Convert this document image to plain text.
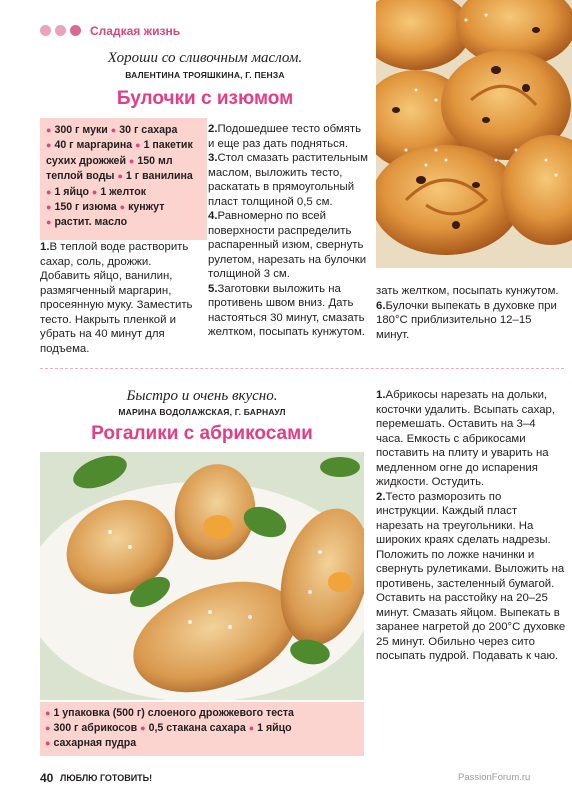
Сладкая жизнь
Хороши со сливочным маслом.
ВАЛЕНТИНА ТРОЯШКИНА, Г. ПЕНЗА
Булочки с изюмом
● 300 г муки ● 30 г сахара
● 40 г маргарина ● 1 пакетик сухих дрожжей ● 150 мл теплой воды ● 1 г ванилина ● 1 яйцо ● 1 желток
● 150 г изюма ● кунжут
● растит. масло
1.В теплой воде растворить сахар, соль, дрожжи. Добавить яйцо, ванилин, размягченный маргарин, просеянную муку. Заместить тесто. Накрыть пленкой и убрать на 40 минут для подъема.

2.Подошедшее тесто обмять и еще раз дать подняться.

3.Стол смазать растительным маслом, выложить тесто, раскатать в прямоугольный пласт толщиной 0,5 см.

4.Равномерно по всей поверхности распределить распаренный изюм, свернуть рулетом, нарезать на булочки толщиной 3 см.

5.Заготовки выложить на противень швом вниз. Дать настояться 30 минут, смазать желтком, посыпать кунжутом.

зать желтком, посыпать кунжутом.

6.Булочки выпекать в духовке при 180°С приблизительно 12–15 минут.

Быстро и очень вкусно.
МАРИНА ВОДОЛАЖСКАЯ, Г. БАРНАУЛ
Рогалики с абрикосами
● 1 упаковка (500 г) слоеного дрожжевого теста
● 300 г абрикосов ● 0,5 стакана сахара ● 1 яйцо
● сахарная пудра

1.Абрикосы нарезать на дольки, косточки удалить. Всыпать сахар, перемешать. Оставить на 3–4 часа. Емкость с абрикосами поставить на плиту и уварить на медленном огне до испарения жидкости. Остудить.

2.Тесто разморозить по инструкции. Каждый пласт нарезать на треугольники. На широких краях сделать надрезы. Положить по ложке начинки и свернуть рулетиками. Выложить на противень, застеленный бумагой. Оставить на расстойку на 20–25 минут. Смазать яйцом. Выпекать в заранее нагретой до 200°С духовке 25 минут. Обильно через сито посыпать пудрой. Подавать к чаю.

40 ЛЮБЛЮ ГОТОВИТЬ!	PassionForum.ru
